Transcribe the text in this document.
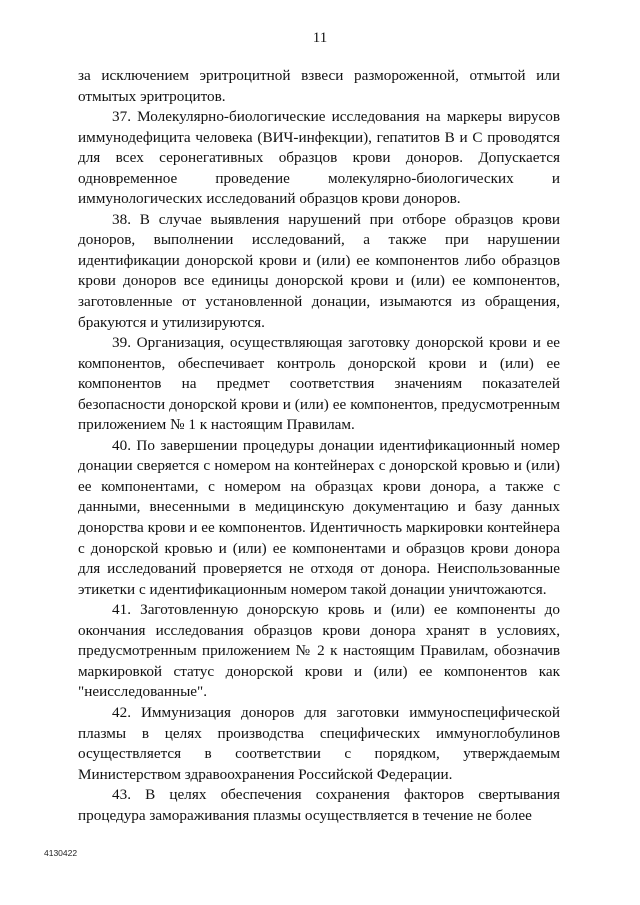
11

за исключением эритроцитной взвеси размороженной, отмытой или отмытых эритроцитов.

37. Молекулярно-биологические исследования на маркеры вирусов иммунодефицита человека (ВИЧ-инфекции), гепатитов B и C проводятся для всех серонегативных образцов крови доноров. Допускается одновременное проведение молекулярно-биологических и иммунологических исследований образцов крови доноров.

38. В случае выявления нарушений при отборе образцов крови доноров, выполнении исследований, а также при нарушении идентификации донорской крови и (или) ее компонентов либо образцов крови доноров все единицы донорской крови и (или) ее компонентов, заготовленные от установленной донации, изымаются из обращения, бракуются и утилизируются.

39. Организация, осуществляющая заготовку донорской крови и ее компонентов, обеспечивает контроль донорской крови и (или) ее компонентов на предмет соответствия значениям показателей безопасности донорской крови и (или) ее компонентов, предусмотренным приложением № 1 к настоящим Правилам.

40. По завершении процедуры донации идентификационный номер донации сверяется с номером на контейнерах с донорской кровью и (или) ее компонентами, с номером на образцах крови донора, а также с данными, внесенными в медицинскую документацию и базу данных донорства крови и ее компонентов. Идентичность маркировки контейнера с донорской кровью и (или) ее компонентами и образцов крови донора для исследований проверяется не отходя от донора. Неиспользованные этикетки с идентификационным номером такой донации уничтожаются.

41. Заготовленную донорскую кровь и (или) ее компоненты до окончания исследования образцов крови донора хранят в условиях, предусмотренным приложением № 2 к настоящим Правилам, обозначив маркировкой статус донорской крови и (или) ее компонентов как "неисследованные".

42. Иммунизация доноров для заготовки иммуноспецифической плазмы в целях производства специфических иммуноглобулинов осуществляется в соответствии с порядком, утверждаемым Министерством здравоохранения Российской Федерации.

43. В целях обеспечения сохранения факторов свертывания процедура замораживания плазмы осуществляется в течение не более

4130422
